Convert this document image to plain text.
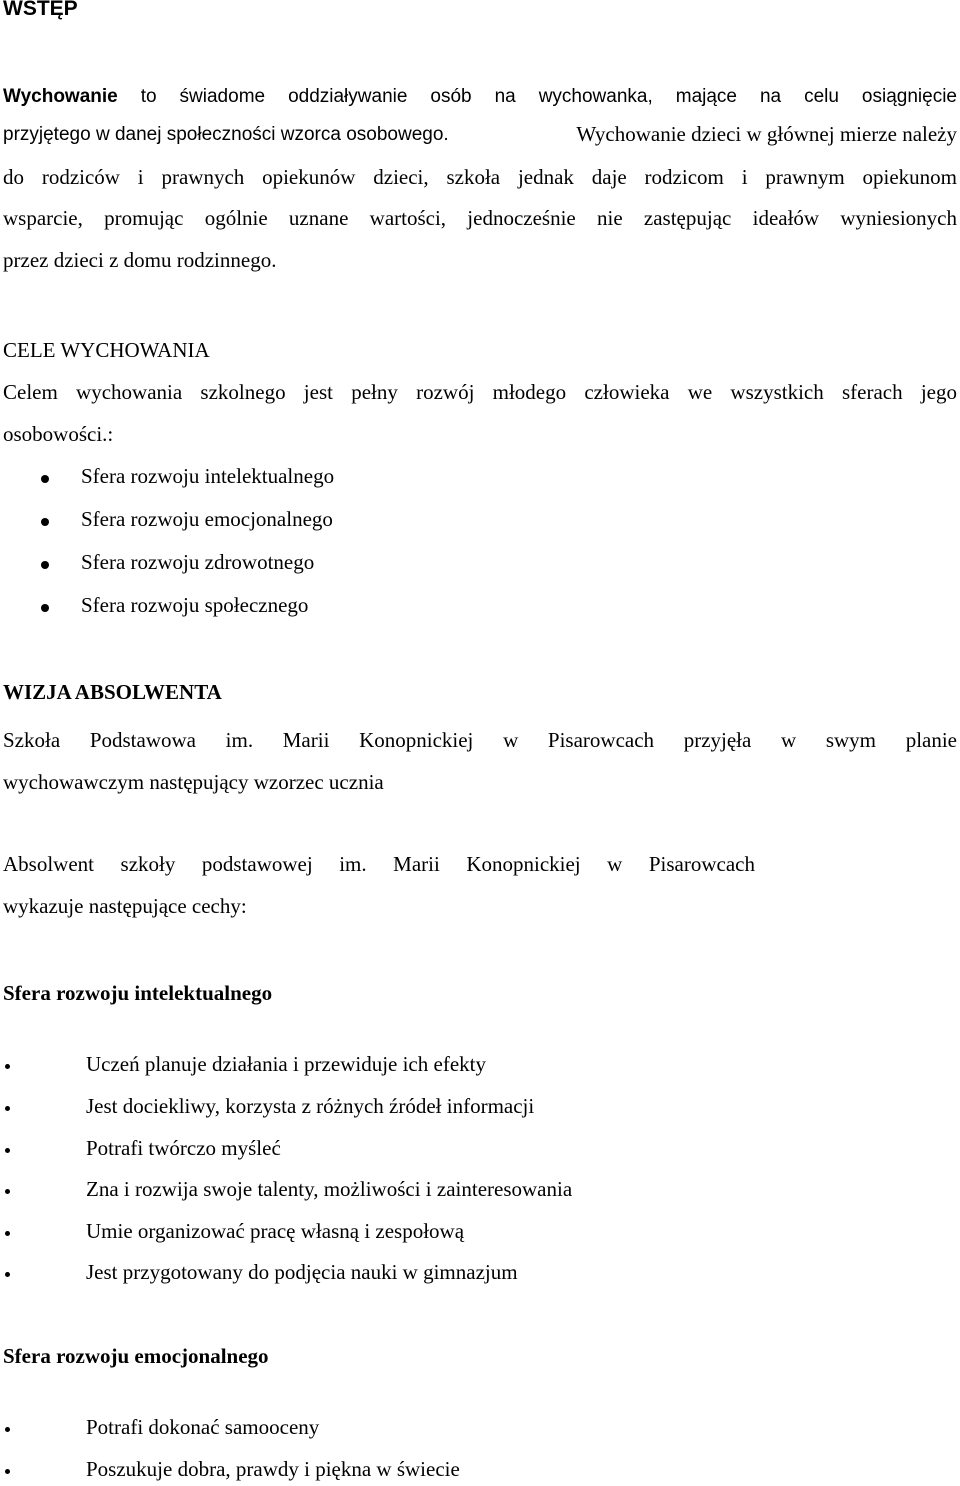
WSTĘP
Wychowanie to świadome oddziaływanie osób na wychowanka, mające na celu osiągnięcie
przyjętego w danej społeczności wzorca osobowego.	Wychowanie dzieci w głównej mierze należy
do rodziców i prawnych opiekunów dzieci, szkoła jednak daje rodzicom i prawnym opiekunom
wsparcie, promując ogólnie uznane wartości, jednocześnie nie zastępując ideałów wyniesionych
przez dzieci z domu rodzinnego.
CELE WYCHOWANIA
Celem wychowania szkolnego jest pełny rozwój młodego człowieka we wszystkich sferach jego
osobowości.:
Sfera rozwoju intelektualnego
Sfera rozwoju emocjonalnego
Sfera rozwoju zdrowotnego
Sfera rozwoju społecznego
WIZJA ABSOLWENTA
Szkoła Podstawowa im. Marii Konopnickiej w Pisarowcach przyjęła w swym planie
wychowawczym następujący wzorzec ucznia
Absolwent szkoły podstawowej im. Marii Konopnickiej w Pisarowcach
wykazuje następujące cechy:
Sfera rozwoju intelektualnego
Uczeń planuje działania i przewiduje ich efekty
Jest dociekliwy, korzysta z różnych źródeł informacji
Potrafi twórczo myśleć
Zna i rozwija swoje talenty, możliwości i zainteresowania
Umie organizować pracę własną i zespołową
Jest przygotowany do podjęcia nauki w gimnazjum
Sfera rozwoju emocjonalnego
Potrafi dokonać samooceny
Poszukuje dobra, prawdy i piękna w świecie
